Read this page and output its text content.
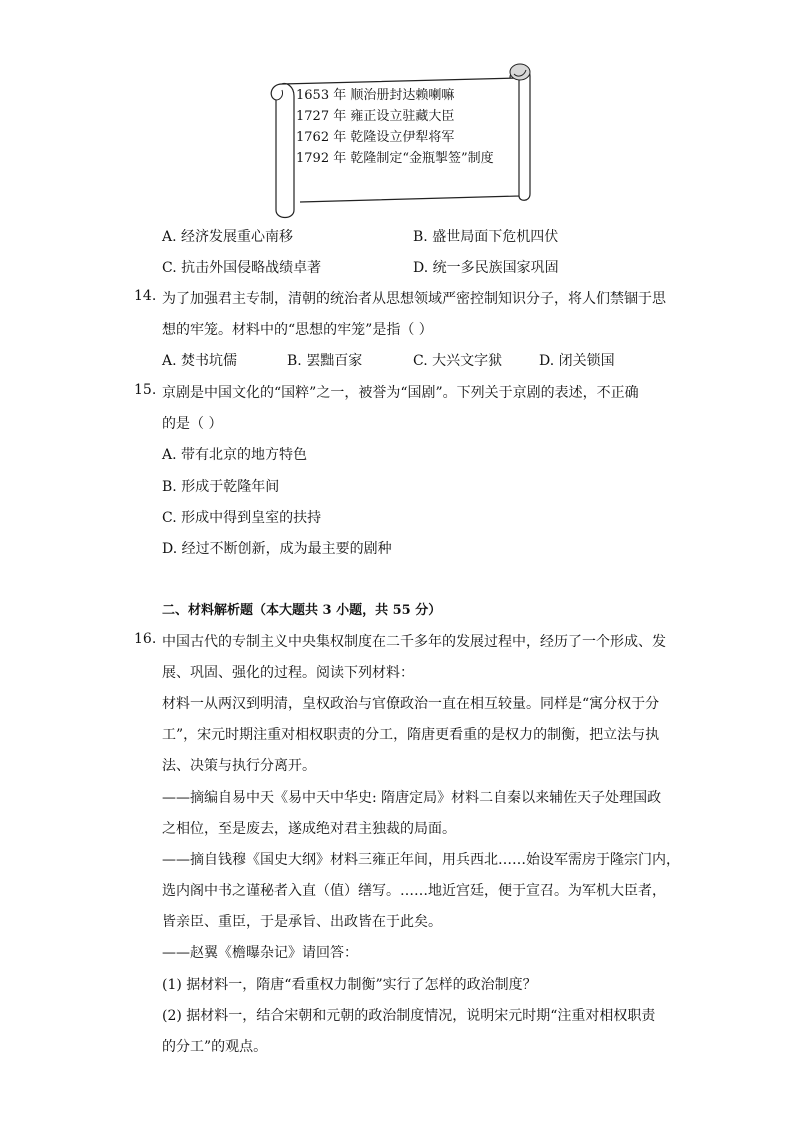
1653 年 顺治册封达赖喇嘛
1727 年 雍正设立驻藏大臣
1762 年 乾隆设立伊犁将军
1792 年 乾隆制定“金瓶掣签”制度
A. 经济发展重心南移	B. 盛世局面下危机四伏
C. 抗击外国侵略战绩卓著	D. 统一多民族国家巩固
14. 为了加强君主专制，清朝的统治者从思想领域严密控制知识分子，将人们禁锢于思
想的牢笼。材料中的“思想的牢笼”是指（ ）
A. 焚书坑儒	B. 罢黜百家	C. 大兴文字狱	D. 闭关锁国
15. 京剧是中国文化的“国粹”之一，被誉为“国剧”。下列关于京剧的表述，不正确
的是（ ）
A. 带有北京的地方特色
B. 形成于乾隆年间
C. 形成中得到皇室的扶持
D. 经过不断创新，成为最主要的剧种
二、材料解析题（本大题共 3 小题，共 55 分）
16. 中国古代的专制主义中央集权制度在二千多年的发展过程中，经历了一个形成、发
展、巩固、强化的过程。阅读下列材料：
材料一从两汉到明清，皇权政治与官僚政治一直在相互较量。同样是“寓分权于分
工”，宋元时期注重对相权职责的分工，隋唐更看重的是权力的制衡，把立法与执
法、决策与执行分离开。
——摘编自易中天《易中天中华史: 隋唐定局》材料二自秦以来辅佐天子处理国政
之相位，至是废去，遂成绝对君主独裁的局面。
——摘自钱穆《国史大纲》材料三雍正年间，用兵西北……始设军需房于隆宗门内，
选内阁中书之谨秘者入直（值）缮写。……地近宫廷，便于宣召。为军机大臣者，
皆亲臣、重臣，于是承旨、出政皆在于此矣。
——赵翼《檐曝杂记》请回答：
(1) 据材料一，隋唐“看重权力制衡”实行了怎样的政治制度？
(2) 据材料一，结合宋朝和元朝的政治制度情况，说明宋元时期“注重对相权职责
的分工”的观点。
